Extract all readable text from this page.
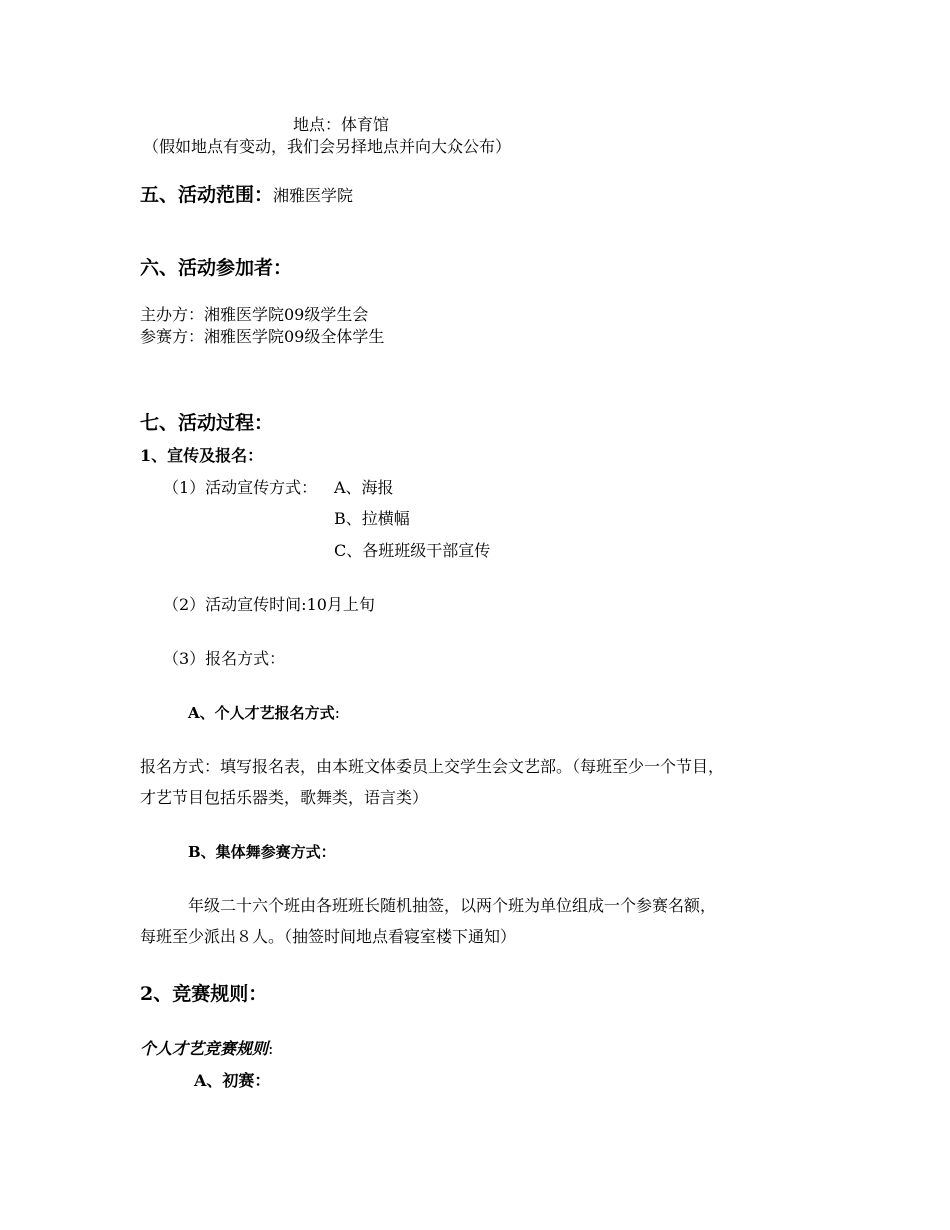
地点：体育馆
（假如地点有变动，我们会另择地点并向大众公布）
五、活动范围：湘雅医学院
六、活动参加者：
主办方：湘雅医学院09级学生会
参赛方：湘雅医学院09级全体学生
七、活动过程：
1、宣传及报名：
（1）活动宣传方式： A、海报
B、拉横幅
C、各班班级干部宣传
（2）活动宣传时间:10月上旬
（3）报名方式：
A、个人才艺报名方式:
报名方式：填写报名表，由本班文体委员上交学生会文艺部。（每班至少一个节目，
才艺节目包括乐器类，歌舞类，语言类）
B、集体舞参赛方式：
年级二十六个班由各班班长随机抽签，以两个班为单位组成一个参赛名额，
每班至少派出８人。（抽签时间地点看寝室楼下通知）
2、竞赛规则：
个人才艺竞赛规则:
A、初赛：
